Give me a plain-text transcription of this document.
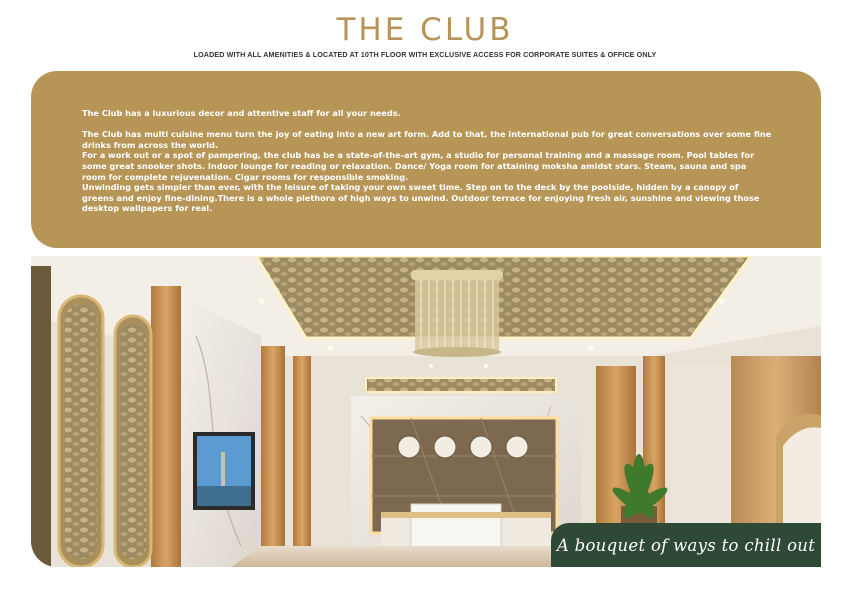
THE CLUB
LOADED WITH ALL AMENITIES & LOCATED AT 10TH FLOOR WITH EXCLUSIVE ACCESS FOR CORPORATE SUITES & OFFICE ONLY

The Club has a luxurious decor and attentive staff for all your needs.

The Club has multi cuisine menu turn the joy of eating into a new art form. Add to that, the international pub for great conversations over some fine drinks from across the world.

For a work out or a spot of pampering, the club has be a state-of-the-art gym, a studio for personal training and a massage room. Pool tables for some great snooker shots. Indoor lounge for reading or relaxation. Dance/ Yoga room for attaining moksha amidst stars. Steam, sauna and spa room for complete rejuvenation. Cigar rooms for responsible smoking.

Unwinding gets simpler than ever, with the leisure of taking your own sweet time. Step on to the deck by the poolside, hidden by a canopy of greens and enjoy fine-dining.There is a whole plethora of high ways to unwind. Outdoor terrace for enjoying fresh air, sunshine and viewing those desktop wallpapers for real.

A bouquet of ways to chill out
